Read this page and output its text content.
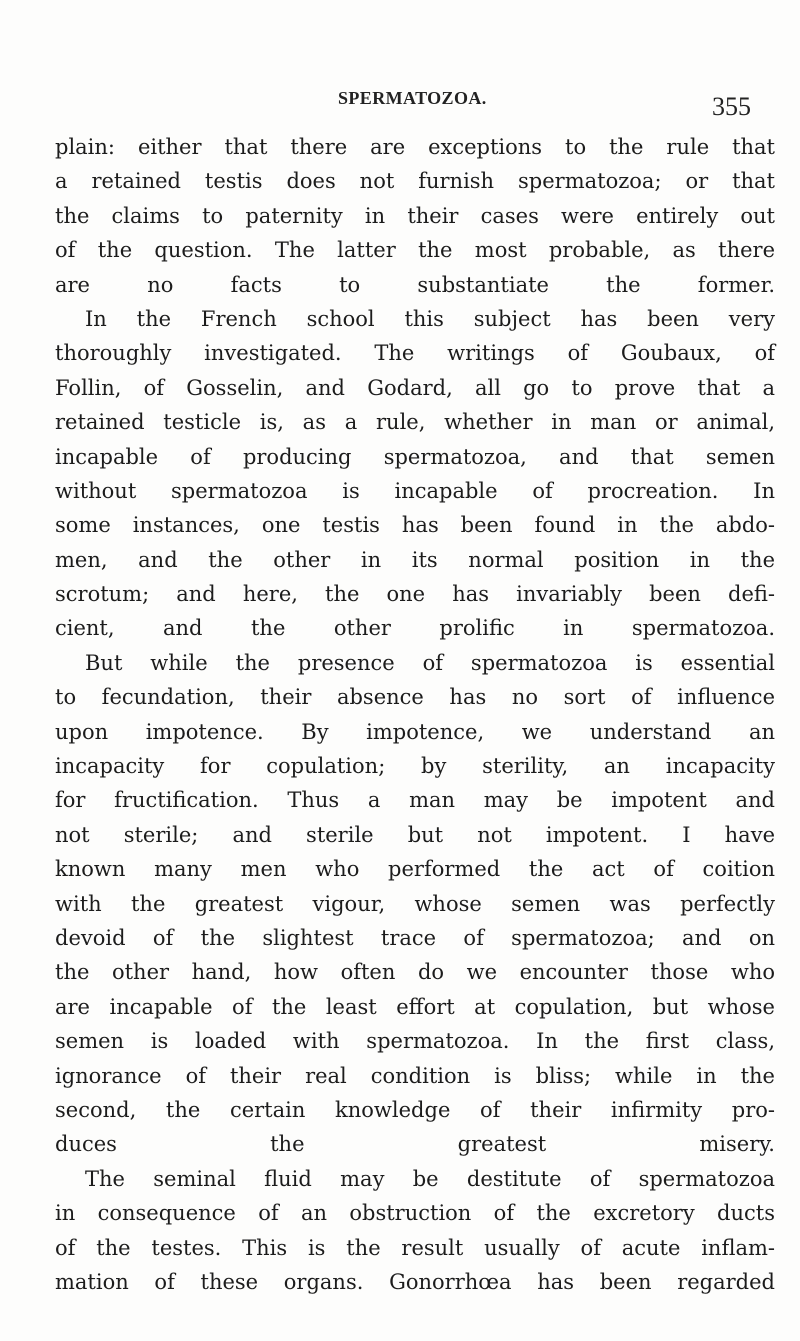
SPERMATOZOA.	355
plain: either that there are exceptions to the rule that
a retained testis does not furnish spermatozoa; or that
the claims to paternity in their cases were entirely out
of the question. The latter the most probable, as there
are no facts to substantiate the former.
In the French school this subject has been very
thoroughly investigated. The writings of Goubaux, of
Follin, of Gosselin, and Godard, all go to prove that a
retained testicle is, as a rule, whether in man or animal,
incapable of producing spermatozoa, and that semen
without spermatozoa is incapable of procreation. In
some instances, one testis has been found in the abdo-
men, and the other in its normal position in the
scrotum; and here, the one has invariably been defi-
cient, and the other prolific in spermatozoa.
But while the presence of spermatozoa is essential
to fecundation, their absence has no sort of influence
upon impotence. By impotence, we understand an
incapacity for copulation; by sterility, an incapacity
for fructification. Thus a man may be impotent and
not sterile; and sterile but not impotent. I have
known many men who performed the act of coition
with the greatest vigour, whose semen was perfectly
devoid of the slightest trace of spermatozoa; and on
the other hand, how often do we encounter those who
are incapable of the least effort at copulation, but whose
semen is loaded with spermatozoa. In the first class,
ignorance of their real condition is bliss; while in the
second, the certain knowledge of their infirmity pro-
duces the greatest misery.
The seminal fluid may be destitute of spermatozoa
in consequence of an obstruction of the excretory ducts
of the testes. This is the result usually of acute inflam-
mation of these organs. Gonorrhœa has been regarded
